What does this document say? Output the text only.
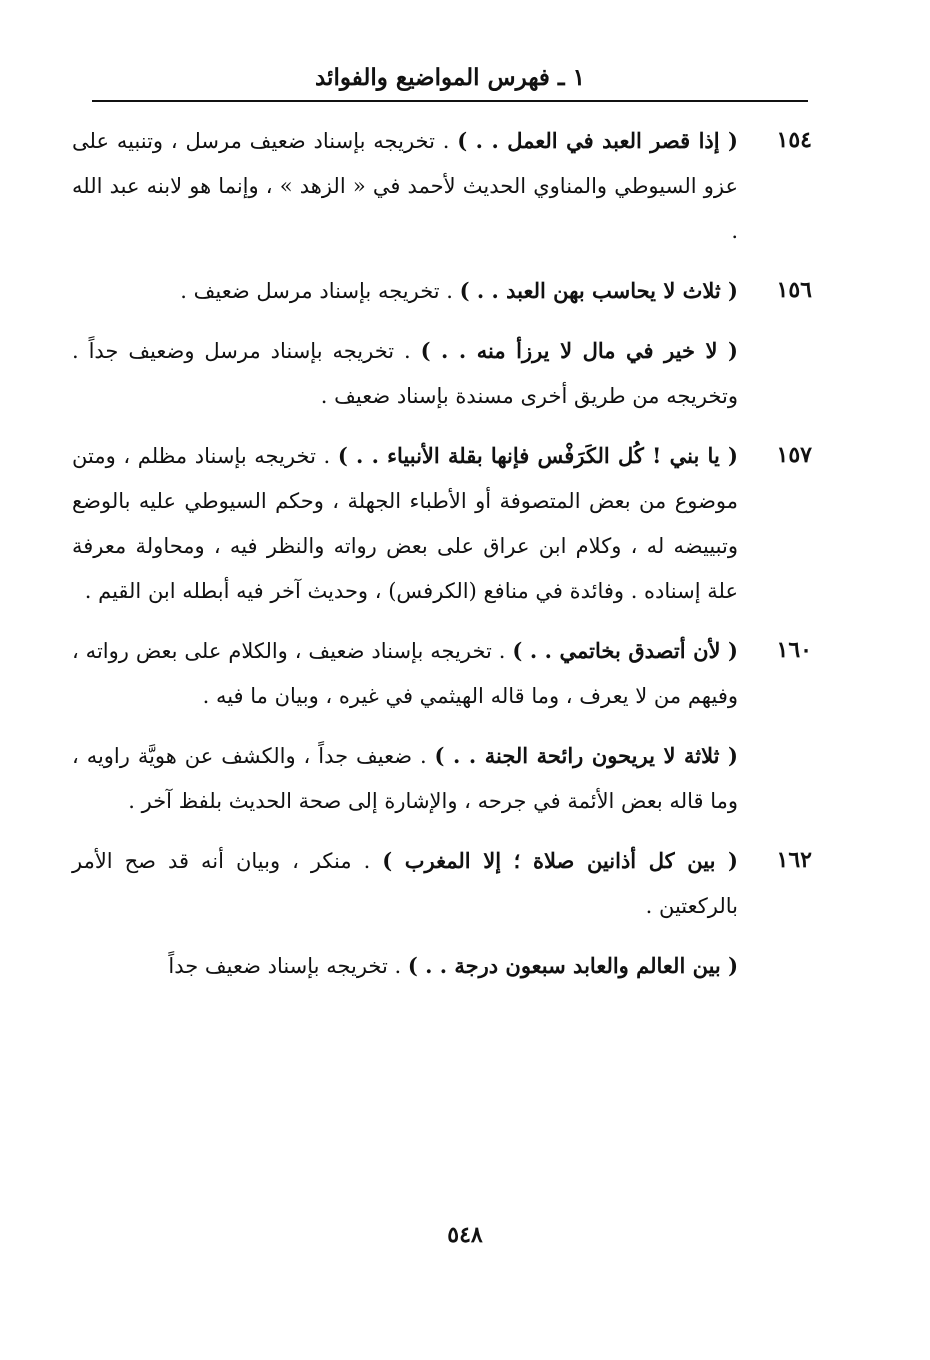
١ ـ فهرس المواضيع والفوائد
١٥٤
( إذا قصر العبد في العمل . . ) . تخريجه بإسناد ضعيف مرسل ، وتنبيه على عزو السيوطي والمناوي الحديث لأحمد في « الزهد » ، وإنما هو لابنه عبد الله .
١٥٦
( ثلاث لا يحاسب بهن العبد . . ) . تخريجه بإسناد مرسل ضعيف .
( لا خير في مال لا يرزأ منه . . ) . تخريجه بإسناد مرسل وضعيف جداً . وتخريجه من طريق أخرى مسندة بإسناد ضعيف .
١٥٧
( يا بني ! كُل الكَرَفْس فإنها بقلة الأنبياء . . ) . تخريجه بإسناد مظلم ، ومتن موضوع من بعض المتصوفة أو الأطباء الجهلة ، وحكم السيوطي عليه بالوضع وتبييضه له ، وكلام ابن عراق على بعض رواته والنظر فيه ، ومحاولة معرفة علة إسناده . وفائدة في منافع (الكرفس) ، وحديث آخر فيه أبطله ابن القيم .
١٦٠
( لأن أتصدق بخاتمي . . ) . تخريجه بإسناد ضعيف ، والكلام على بعض رواته ، وفيهم من لا يعرف ، وما قاله الهيثمي في غيره ، وبيان ما فيه .
( ثلاثة لا يريحون رائحة الجنة . . ) . ضعيف جداً ، والكشف عن هويَّة راويه ، وما قاله بعض الأئمة في جرحه ، والإشارة إلى صحة الحديث بلفظ آخر .
١٦٢
( بين كل أذانين صلاة ؛ إلا المغرب ) . منكر ، وبيان أنه قد صح الأمر بالركعتين .
( بين العالم والعابد سبعون درجة . . ) . تخريجه بإسناد ضعيف جداً
٥٤٨
